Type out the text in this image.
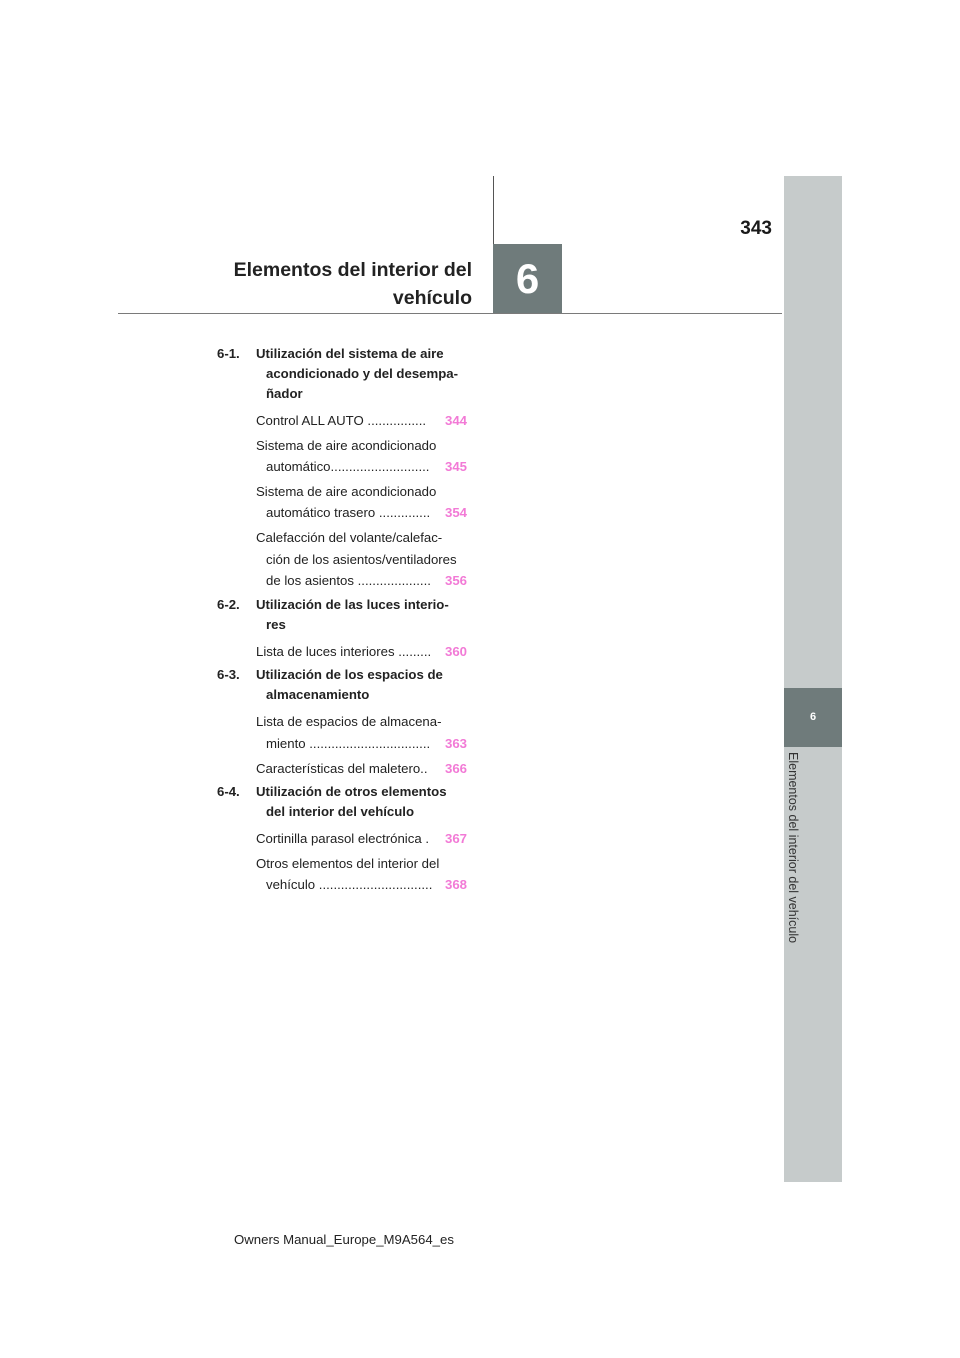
6
Elementos del interior del vehículo
6
343
Elementos del interior del
vehículo
6-1. Utilización del sistema de aire acondicionado y del desempa- ñador
Control ALL AUTO ................ 344
Sistema de aire acondicionado automático........................... 345
Sistema de aire acondicionado automático trasero .............. 354
Calefacción del volante/calefac- ción de los asientos/ventiladores de los asientos .................... 356
6-2. Utilización de las luces interio- res
Lista de luces interiores ......... 360
6-3. Utilización de los espacios de almacenamiento
Lista de espacios de almacena- miento ................................. 363
Características del maletero.. 366
6-4. Utilización de otros elementos del interior del vehículo
Cortinilla parasol electrónica . 367
Otros elementos del interior del vehículo ............................... 368
Owners Manual_Europe_M9A564_es
